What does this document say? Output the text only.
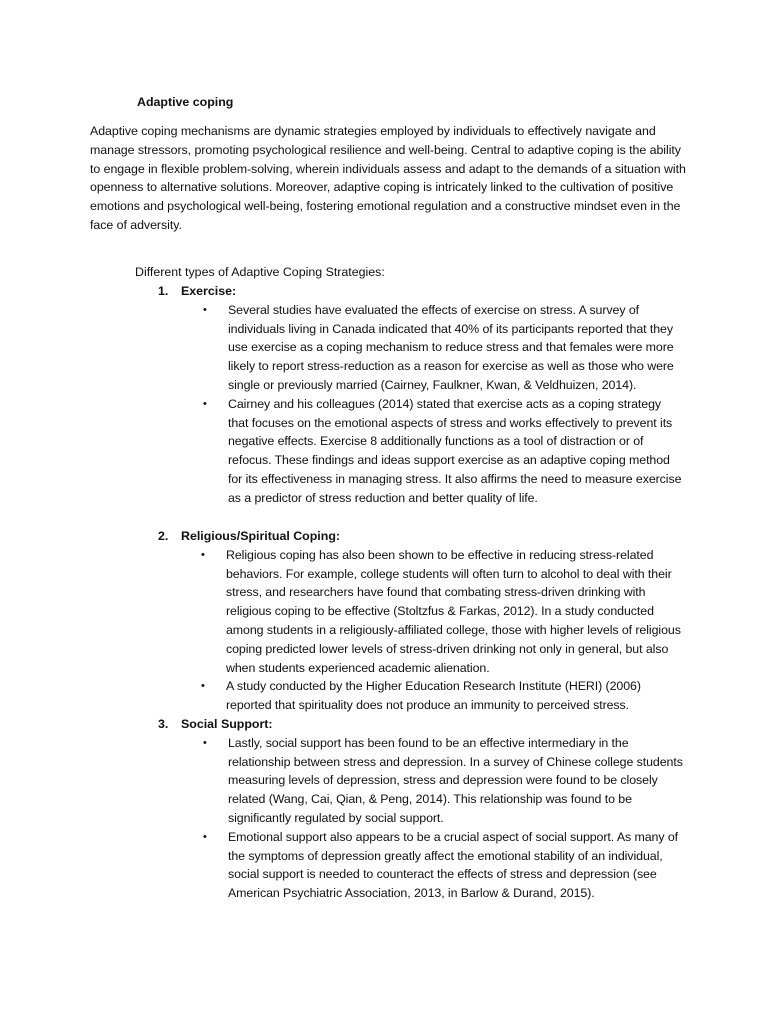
Adaptive coping

Adaptive coping mechanisms are dynamic strategies employed by individuals to effectively navigate and manage stressors, promoting psychological resilience and well-being. Central to adaptive coping is the ability to engage in flexible problem-solving, wherein individuals assess and adapt to the demands of a situation with openness to alternative solutions. Moreover, adaptive coping is intricately linked to the cultivation of positive emotions and psychological well-being, fostering emotional regulation and a constructive mindset even in the face of adversity.

Different types of Adaptive Coping Strategies:

1. Exercise:
• Several studies have evaluated the effects of exercise on stress. A survey of individuals living in Canada indicated that 40% of its participants reported that they use exercise as a coping mechanism to reduce stress and that females were more likely to report stress-reduction as a reason for exercise as well as those who were single or previously married (Cairney, Faulkner, Kwan, & Veldhuizen, 2014).
• Cairney and his colleagues (2014) stated that exercise acts as a coping strategy that focuses on the emotional aspects of stress and works effectively to prevent its negative effects. Exercise 8 additionally functions as a tool of distraction or of refocus. These findings and ideas support exercise as an adaptive coping method for its effectiveness in managing stress. It also affirms the need to measure exercise as a predictor of stress reduction and better quality of life.
2. Religious/Spiritual Coping:
• Religious coping has also been shown to be effective in reducing stress-related behaviors. For example, college students will often turn to alcohol to deal with their stress, and researchers have found that combating stress-driven drinking with religious coping to be effective (Stoltzfus & Farkas, 2012). In a study conducted among students in a religiously-affiliated college, those with higher levels of religious coping predicted lower levels of stress-driven drinking not only in general, but also when students experienced academic alienation.
• A study conducted by the Higher Education Research Institute (HERI) (2006) reported that spirituality does not produce an immunity to perceived stress.
3. Social Support:
• Lastly, social support has been found to be an effective intermediary in the relationship between stress and depression. In a survey of Chinese college students measuring levels of depression, stress and depression were found to be closely related (Wang, Cai, Qian, & Peng, 2014). This relationship was found to be significantly regulated by social support.
• Emotional support also appears to be a crucial aspect of social support. As many of the symptoms of depression greatly affect the emotional stability of an individual, social support is needed to counteract the effects of stress and depression (see American Psychiatric Association, 2013, in Barlow & Durand, 2015).
